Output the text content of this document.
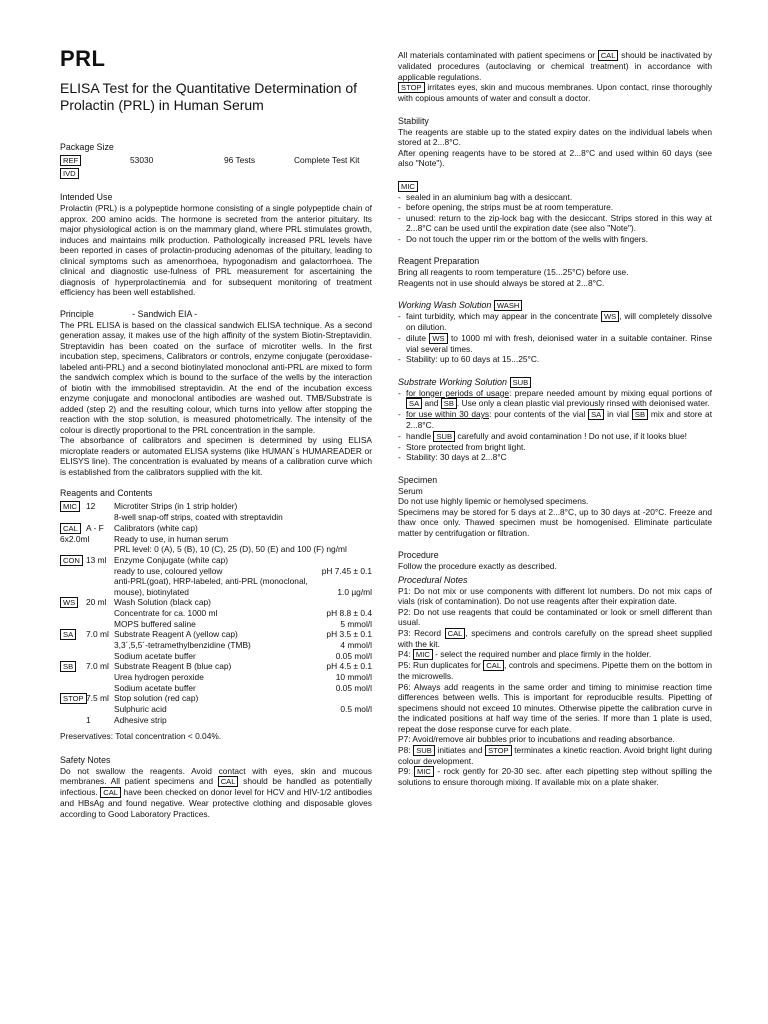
PRL
ELISA Test for the Quantitative Determination of Prolactin (PRL) in Human Serum
Package Size
REF	53030	96 Tests	Complete Test Kit
IVD
Intended Use

Prolactin (PRL) is a polypeptide hormone consisting of a single polypeptide chain of approx. 200 amino acids. The hormone is secreted from the anterior pituitary. Its major physiological action is on the mammary gland, where PRL stimulates growth, induces and maintains milk production. Pathologically increased PRL levels have been reported in cases of prolactin-producing adenomas of the pituitary, leading to clinical symptoms such as amenorrhoea, hypogonadism and galactorrhoea. The clinical and diagnostic use-fulness of PRL measurement for ascertaining the diagnosis of hyperprolactinemia and for subsequent monitoring of treatment efficiency has been well established.

Principle	- Sandwich EIA -

The PRL ELISA is based on the classical sandwich ELISA technique. As a second generation assay, it makes use of the high affinity of the system Biotin-Streptavidin. Streptavidin has been coated on the surface of microtiter wells. In the first incubation step, specimens, Calibrators or controls, enzyme conjugate (peroxidase-labeled anti-PRL) and a second biotinylated monoclonal anti-PRL are mixed to form the sandwich complex which is bound to the surface of the wells by the interaction of biotin with the immobilised streptavidin. At the end of the incubation excess enzyme conjugate and monoclonal antibodies are washed out. TMB/Substrate is added (step 2) and the resulting colour, which turns into yellow after stopping the reaction with the stop solution, is measured photometrically. The intensity of the colour is directly proportional to the PRL concentration in the sample.

The absorbance of calibrators and specimen is determined by using ELISA microplate readers or automated ELISA systems (like HUMAN´s HUMAREADER or ELISYS line). The concentration is evaluated by means of a calibration curve which is established from the calibrators supplied with the kit.

Reagents and Contents
MIC	12	Microtiter Strips (in 1 strip holder)
8-well snap-off strips, coated with streptavidin
CAL A - F	Calibrators (white cap)
6x2.0ml	Ready to use, in human serum
PRL level: 0 (A), 5 (B), 10 (C), 25 (D), 50 (E) and 100 (F) ng/ml
CON 13 ml Enzyme Conjugate (white cap)
ready to use, coloured yellow	pH 7.45 ± 0.1
anti-PRL(goat), HRP-labeled, anti-PRL (monoclonal, mouse), biotinylated	1.0 µg/ml
WS	20 ml Wash Solution (black cap)
Concentrate for ca. 1000 ml	pH 8.8 ± 0.4
MOPS buffered saline	5 mmol/l
SA	7.0 ml Substrate Reagent A (yellow cap)	pH 3.5 ± 0.1
3,3´,5,5´-tetramethylbenzidine (TMB)	4 mmol/l
Sodium acetate buffer	0.05 mol/l
SB	7.0 ml Substrate Reagent B (blue cap)	pH 4.5 ± 0.1
Urea hydrogen peroxide	10 mmol/l
Sodium acetate buffer	0.05 mol/l
STOP 7.5 ml Stop solution (red cap)
Sulphuric acid	0.5 mol/l
1	Adhesive strip

Preservatives: Total concentration < 0.04%.

Safety Notes

Do not swallow the reagents. Avoid contact with eyes, skin and mucous membranes. All patient specimens and CAL should be handled as potentially infectious. CAL have been checked on donor level for HCV and HIV-1/2 antibodies and HBsAg and found negative. Wear protective clothing and disposable gloves according to Good Laboratory Practices.

All materials contaminated with patient specimens or CAL should be inactivated by validated procedures (autoclaving or chemical treatment) in accordance with applicable regulations.

STOP irritates eyes, skin and mucous membranes. Upon contact, rinse thoroughly with copious amounts of water and consult a doctor.

Stability

The reagents are stable up to the stated expiry dates on the individual labels when stored at 2...8°C.

After opening reagents have to be stored at 2...8°C and used within 60 days (see also "Note").

MIC
- sealed in an aluminium bag with a desiccant.
- before opening, the strips must be at room temperature.
- unused: return to the zip-lock bag with the desiccant. Strips stored in this way at 2...8°C can be used until the expiration date (see also "Note").
- Do not touch the upper rim or the bottom of the wells with fingers.
Reagent Preparation

Bring all reagents to room temperature (15...25°C) before use.

Reagents not in use should always be stored at 2...8°C.

Working Wash Solution WASH
- faint turbidity, which may appear in the concentrate WS , will completely dissolve on dilution.
- dilute WS to 1000 ml with fresh, deionised water in a suitable container. Rinse vial several times.
- Stability: up to 60 days at 15...25°C.
Substrate Working Solution SUB
- for longer periods of usage: prepare needed amount by mixing equal portions of SA and SB . Use only a clean plastic vial previously rinsed with deionised water.
- for use within 30 days: pour contents of the vial SA in vial SB mix and store at 2...8°C.
- handle SUB carefully and avoid contamination ! Do not use, if it looks blue!
- Store protected from bright light.
- Stability: 30 days at 2...8°C
Specimen
Serum

Do not use highly lipemic or hemolysed specimens.

Specimens may be stored for 5 days at 2...8°C, up to 30 days at -20°C. Freeze and thaw once only. Thawed specimen must be homogenised. Eliminate particulate matter by centrifugation or filtration.

Procedure

Follow the procedure exactly as described.

Procedural Notes

P1: Do not mix or use components with different lot numbers. Do not mix caps of vials (risk of contamination). Do not use reagents after their expiration date.

P2: Do not use reagents that could be contaminated or look or smell different than usual.

P3: Record CAL , specimens and controls carefully on the spread sheet supplied with the kit.

P4: MIC - select the required number and place firmly in the holder.

P5: Run duplicates for CAL , controls and specimens. Pipette them on the bottom in the microwells.

P6: Always add reagents in the same order and timing to minimise reaction time differences between wells. This is important for reproducible results. Pipetting of specimens should not exceed 10 minutes. Otherwise pipette the calibration curve in the indicated positions at half way time of the series. If more than 1 plate is used, repeat the dose response curve for each plate.

P7: Avoid/remove air bubbles prior to incubations and reading absorbance.

P8: SUB initiates and STOP terminates a kinetic reaction. Avoid bright light during colour development.

P9: MIC - rock gently for 20-30 sec. after each pipetting step without spilling the solutions to ensure thorough mixing. If available mix on a plate shaker.
